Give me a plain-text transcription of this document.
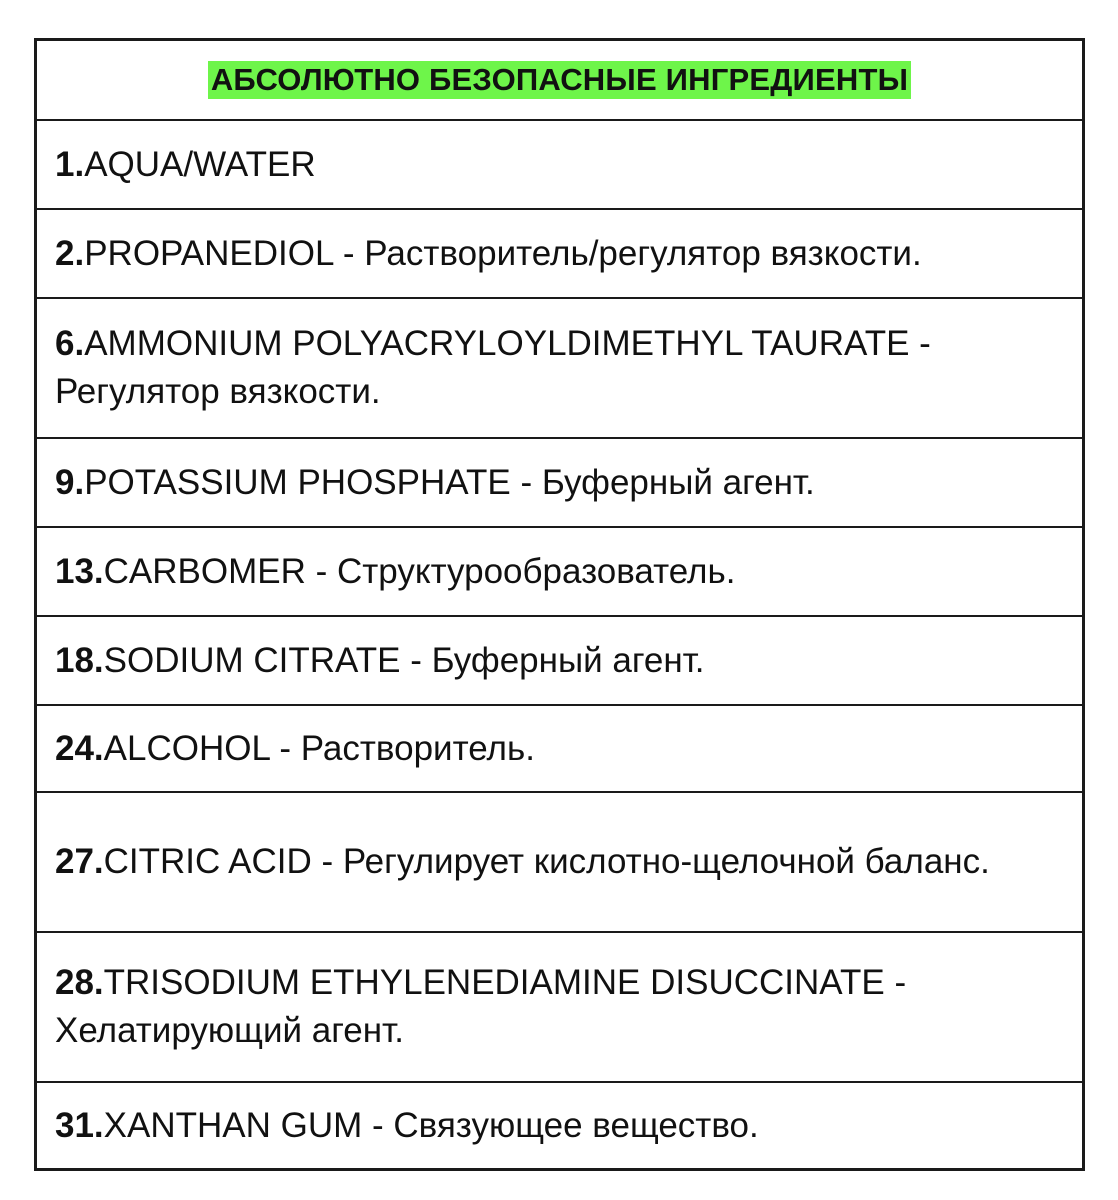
АБСОЛЮТНО БЕЗОПАСНЫЕ ИНГРЕДИЕНТЫ
1.AQUA/WATER
2.PROPANEDIOL - Растворитель/регулятор вязкости.
6.AMMONIUM POLYACRYLOYLDIMETHYL TAURATE - Регулятор вязкости.
9.POTASSIUM PHOSPHATE - Буферный агент.
13.CARBOMER - Структурообразователь.
18.SODIUM CITRATE - Буферный агент.
24.ALCOHOL - Растворитель.
27.CITRIC ACID - Регулирует кислотно-щелочной баланс.
28.TRISODIUM ETHYLENEDIAMINE DISUCCINATE - Хелатирующий агент.
31.XANTHAN GUM - Связующее вещество.
